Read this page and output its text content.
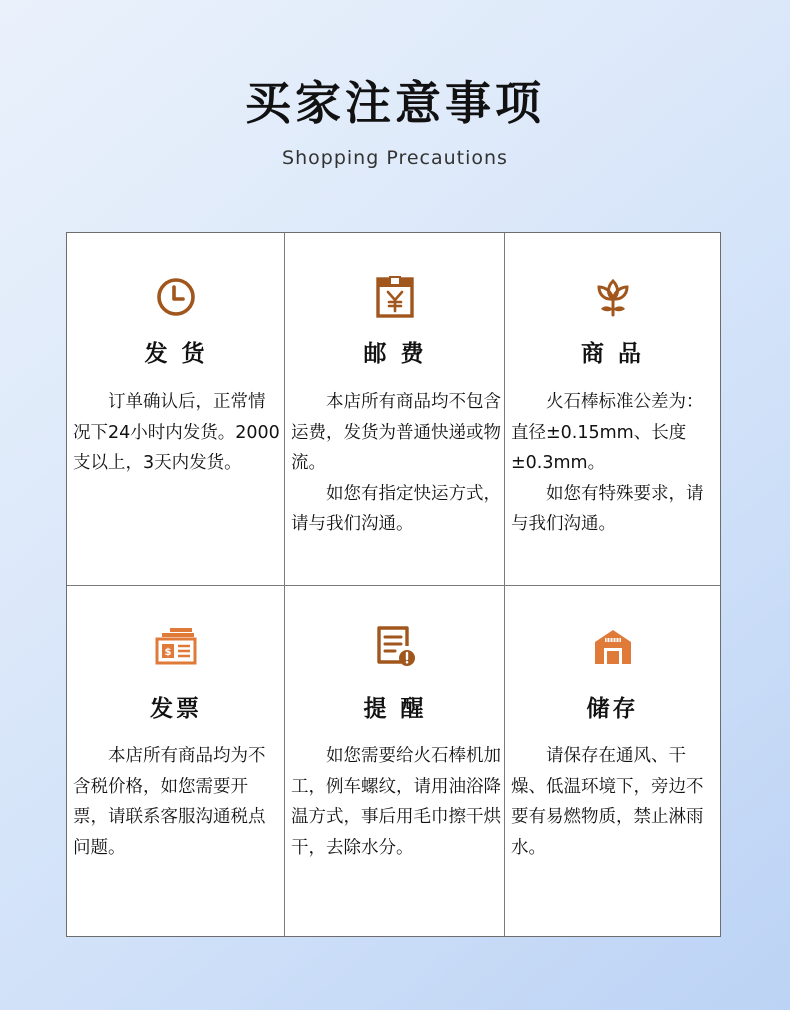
买家注意事项
Shopping Precautions
发 货

订单确认后，正常情况下24小时内发货。2000支以上，3天内发货。

邮 费

本店所有商品均不包含运费，发货为普通快递或物流。

如您有指定快运方式，请与我们沟通。

商 品

火石棒标准公差为：直径±0.15mm、长度±0.3mm。

如您有特殊要求，请与我们沟通。

$
发票

本店所有商品均为不含税价格，如您需要开票，请联系客服沟通税点问题。

提 醒

如您需要给火石棒机加工，例车螺纹，请用油浴降温方式，事后用毛巾擦干烘干，去除水分。

储存

请保存在通风、干燥、低温环境下，旁边不要有易燃物质，禁止淋雨水。
